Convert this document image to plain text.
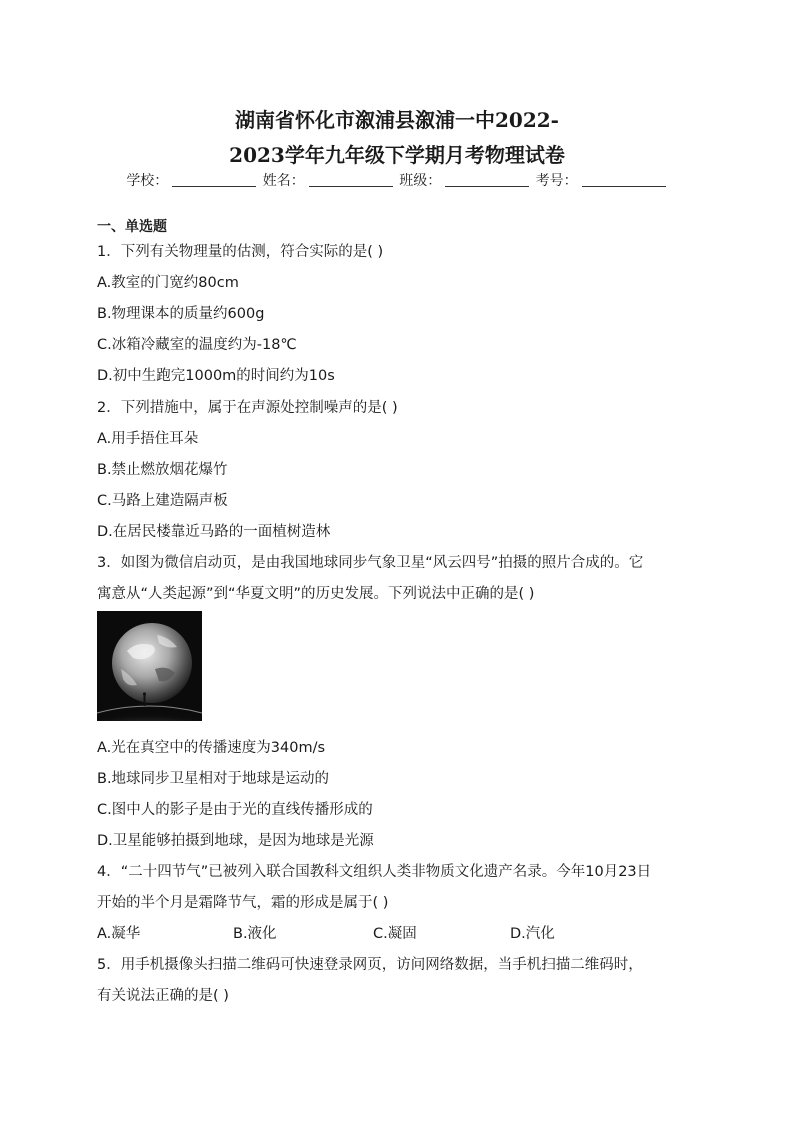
湖南省怀化市溆浦县溆浦一中2022-
2023学年九年级下学期月考物理试卷
学校：	姓名：	班级：	考号：
一、单选题
1．下列有关物理量的估测，符合实际的是( )
A.教室的门宽约80cm
B.物理课本的质量约600g
C.冰箱冷藏室的温度约为-18℃
D.初中生跑完1000m的时间约为10s
2．下列措施中，属于在声源处控制噪声的是( )
A.用手捂住耳朵
B.禁止燃放烟花爆竹
C.马路上建造隔声板
D.在居民楼靠近马路的一面植树造林
3．如图为微信启动页，是由我国地球同步气象卫星“风云四号”拍摄的照片合成的。它
寓意从“人类起源”到“华夏文明”的历史发展。下列说法中正确的是( )
A.光在真空中的传播速度为340m/s
B.地球同步卫星相对于地球是运动的
C.图中人的影子是由于光的直线传播形成的
D.卫星能够拍摄到地球，是因为地球是光源
4．“二十四节气”已被列入联合国教科文组织人类非物质文化遗产名录。今年10月23日
开始的半个月是霜降节气，霜的形成是属于( )
A.凝华	B.液化	C.凝固	D.汽化
5．用手机摄像头扫描二维码可快速登录网页，访问网络数据，当手机扫描二维码时，
有关说法正确的是( )
